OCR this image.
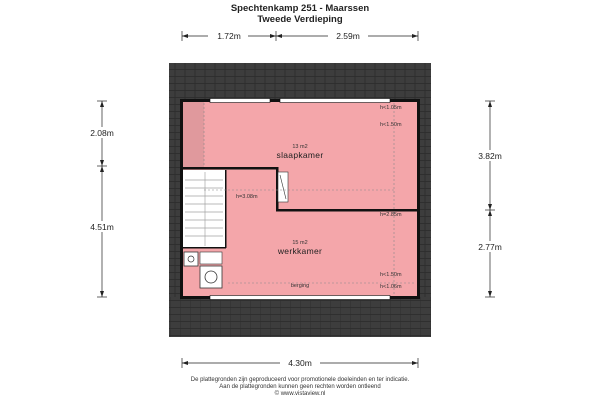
Spechtenkamp 251 - Maarssen
Tweede Verdieping
13 m2
slaapkamer
15 m2
werkkamer
berging
h<1.05m
h<1.50m
h=3.08m
h=2.85m
h<1.50m
h<1.06m
1.72m	2.59m
2.08m
4.51m
3.82m
2.77m
4.30m
De plattegronden zijn geproduceerd voor promotionele doeleinden en ter indicatie.
Aan de plattegronden kunnen geen rechten worden ontleend
© www.vistaview.nl
